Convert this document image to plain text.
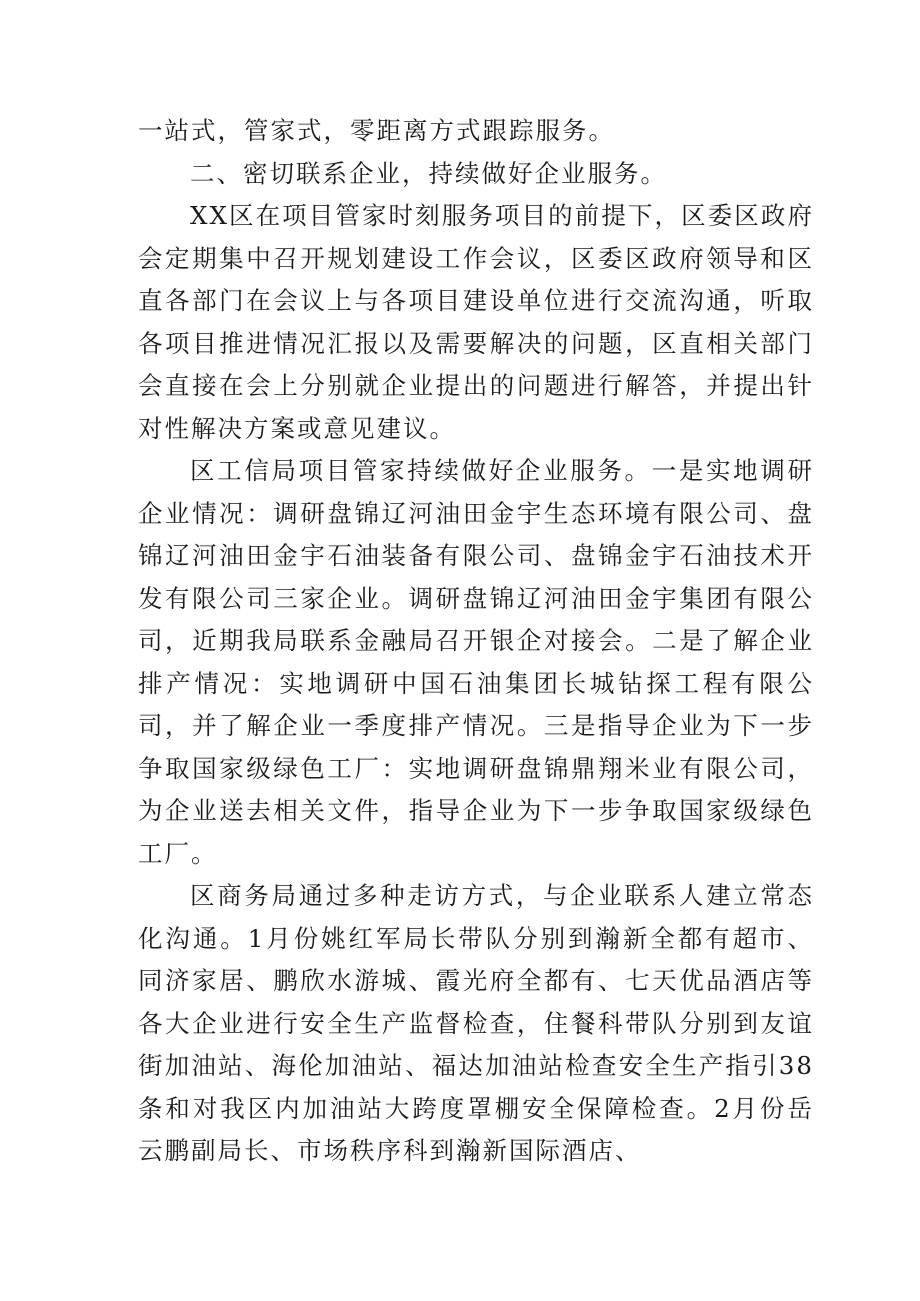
一站式，管家式，零距离方式跟踪服务。

二、密切联系企业，持续做好企业服务。

XX区在项目管家时刻服务项目的前提下，区委区政府会定期集中召开规划建设工作会议，区委区政府领导和区直各部门在会议上与各项目建设单位进行交流沟通，听取各项目推进情况汇报以及需要解决的问题，区直相关部门会直接在会上分别就企业提出的问题进行解答，并提出针对性解决方案或意见建议。

区工信局项目管家持续做好企业服务。一是实地调研企业情况：调研盘锦辽河油田金宇生态环境有限公司、盘锦辽河油田金宇石油装备有限公司、盘锦金宇石油技术开发有限公司三家企业。调研盘锦辽河油田金宇集团有限公司，近期我局联系金融局召开银企对接会。二是了解企业排产情况：实地调研中国石油集团长城钻探工程有限公司，并了解企业一季度排产情况。三是指导企业为下一步争取国家级绿色工厂：实地调研盘锦鼎翔米业有限公司，为企业送去相关文件，指导企业为下一步争取国家级绿色工厂。

区商务局通过多种走访方式，与企业联系人建立常态化沟通。1月份姚红军局长带队分别到瀚新全都有超市、同济家居、鹏欣水游城、霞光府全都有、七天优品酒店等各大企业进行安全生产监督检查，住餐科带队分别到友谊街加油站、海伦加油站、福达加油站检查安全生产指引38条和对我区内加油站大跨度罩棚安全保障检查。2月份岳云鹏副局长、市场秩序科到瀚新国际酒店、
